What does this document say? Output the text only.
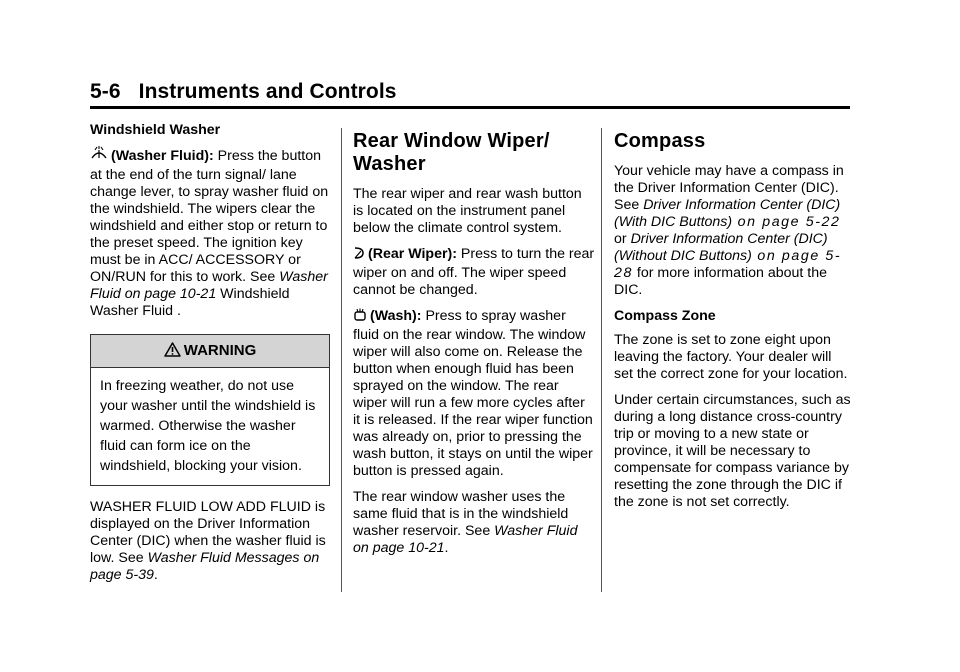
5-6 Instruments and Controls
Windshield Washer

(Washer Fluid): Press the button at the end of the turn signal/ lane change lever, to spray washer fluid on the windshield. The wipers clear the windshield and either stop or return to the preset speed. The ignition key must be in ACC/ ACCESSORY or ON/RUN for this to work. See Washer Fluid on page 10-21 Windshield Washer Fluid .

WARNING
In freezing weather, do not use your washer until the windshield is warmed. Otherwise the washer fluid can form ice on the windshield, blocking your vision.

WASHER FLUID LOW ADD FLUID is displayed on the Driver Information Center (DIC) when the washer fluid is low. See Washer Fluid Messages on page 5-39.

Rear Window Wiper/ Washer

The rear wiper and rear wash button is located on the instrument panel below the climate control system.

(Rear Wiper): Press to turn the rear wiper on and off. The wiper speed cannot be changed.

(Wash): Press to spray washer fluid on the rear window. The window wiper will also come on. Release the button when enough fluid has been sprayed on the window. The rear wiper will run a few more cycles after it is released. If the rear wiper function was already on, prior to pressing the wash button, it stays on until the wiper button is pressed again.

The rear window washer uses the same fluid that is in the windshield washer reservoir. See Washer Fluid on page 10-21.

Compass

Your vehicle may have a compass in the Driver Information Center (DIC). See Driver Information Center (DIC) (With DIC Buttons) on page 5-22 or Driver Information Center (DIC) (Without DIC Buttons) on page 5-28 for more information about the DIC.

Compass Zone

The zone is set to zone eight upon leaving the factory. Your dealer will set the correct zone for your location.

Under certain circumstances, such as during a long distance cross-country trip or moving to a new state or province, it will be necessary to compensate for compass variance by resetting the zone through the DIC if the zone is not set correctly.
